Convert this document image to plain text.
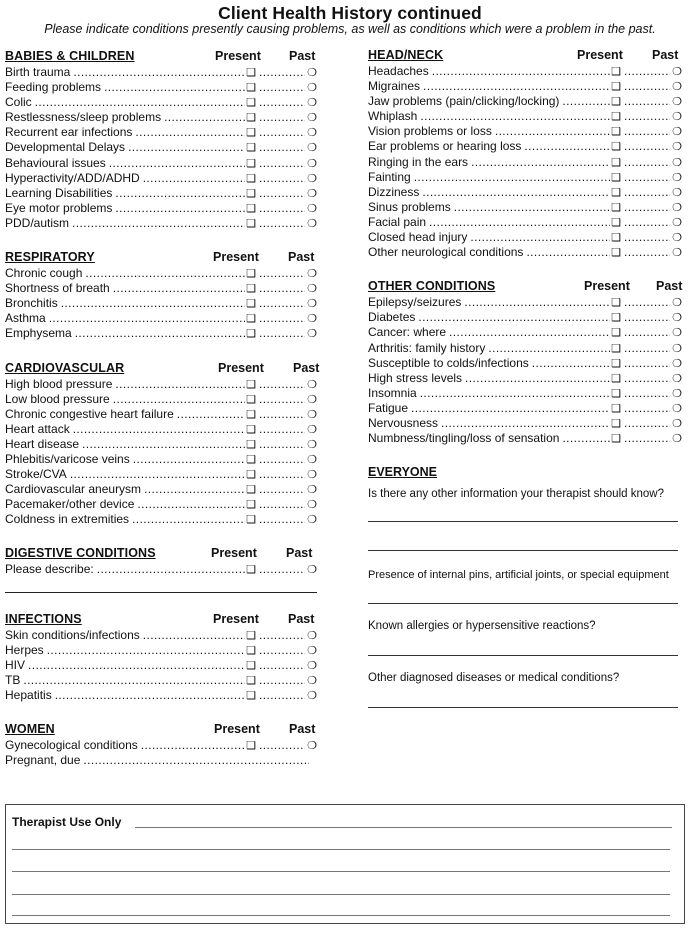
Client Health History continued
Please indicate conditions presently causing problems, as well as conditions which were a problem in the past.
BABIES & CHILDREN	Present Past
Birth trauma .....	❑ .....	❍
Feeding problems .....	❑ .....	❍
Colic .....	❑ .....	❍
Restlessness/sleep problems .....	❑ .....	❍
Recurrent ear infections .....	❑ .....	❍
Developmental Delays .....	❑ .....	❍
Behavioural issues .....	❑ .....	❍
Hyperactivity/ADD/ADHD .....	❑ .....	❍
Learning Disabilities .....	❑ .....	❍
Eye motor problems .....	❑ .....	❍
PDD/autism .....	❑ .....	❍
RESPIRATORY	Present Past
Chronic cough .....	❑ .....	❍
Shortness of breath .....	❑ .....	❍
Bronchitis .....	❑ .....	❍
Asthma .....	❑ .....	❍
Emphysema .....	❑ .....	❍
CARDIOVASCULAR	Present Past
High blood pressure .....	❑ .....	❍
Low blood pressure .....	❑ .....	❍
Chronic congestive heart failure .....	❑ .....	❍
Heart attack .....	❑ .....	❍
Heart disease .....	❑ .....	❍
Phlebitis/varicose veins .....	❑ .....	❍
Stroke/CVA .....	❑ .....	❍
Cardiovascular aneurysm .....	❑ .....	❍
Pacemaker/other device .....	❑ .....	❍
Coldness in extremities .....	❑ .....	❍
DIGESTIVE CONDITIONS	Present Past
Please describe: .....	❑ .....	❍
INFECTIONS	Present Past
Skin conditions/infections .....	❑ .....	❍
Herpes .....	❑ .....	❍
HIV .....	❑ .....	❍
TB .....	❑ .....	❍
Hepatitis .....	❑ .....	❍
WOMEN	Present Past
Gynecological conditions .....	❑ .....	❍
Pregnant, due
.....
HEAD/NECK	Present Past
Headaches .....	❑ .....	❍
Migraines .....	❑ .....	❍
Jaw problems (pain/clicking/locking) .....	❑ .....	❍
Whiplash .....	❑ .....	❍
Vision problems or loss .....	❑ .....	❍
Ear problems or hearing loss .....	❑ .....	❍
Ringing in the ears .....	❑ .....	❍
Fainting .....	❑ .....	❍
Dizziness .....	❑ .....	❍
Sinus problems .....	❑ .....	❍
Facial pain .....	❑ .....	❍
Closed head injury .....	❑ .....	❍
Other neurological conditions .....	❑ .....	❍
OTHER CONDITIONS	Present Past
Epilepsy/seizures .....	❑ .....	❍
Diabetes .....	❑ .....	❍
Cancer: where .....	❑ .....	❍
Arthritis: family history .....	❑ .....	❍
Susceptible to colds/infections .....	❑ .....	❍
High stress levels .....	❑ .....	❍
Insomnia .....	❑ .....	❍
Fatigue .....	❑ .....	❍
Nervousness .....	❑ .....	❍
Numbness/tingling/loss of sensation .....	❑ .....	❍
EVERYONE
Is there any other information your therapist should know?
Presence of internal pins, artificial joints, or special equipment
Known allergies or hypersensitive reactions?
Other diagnosed diseases or medical conditions?
Therapist Use Only
